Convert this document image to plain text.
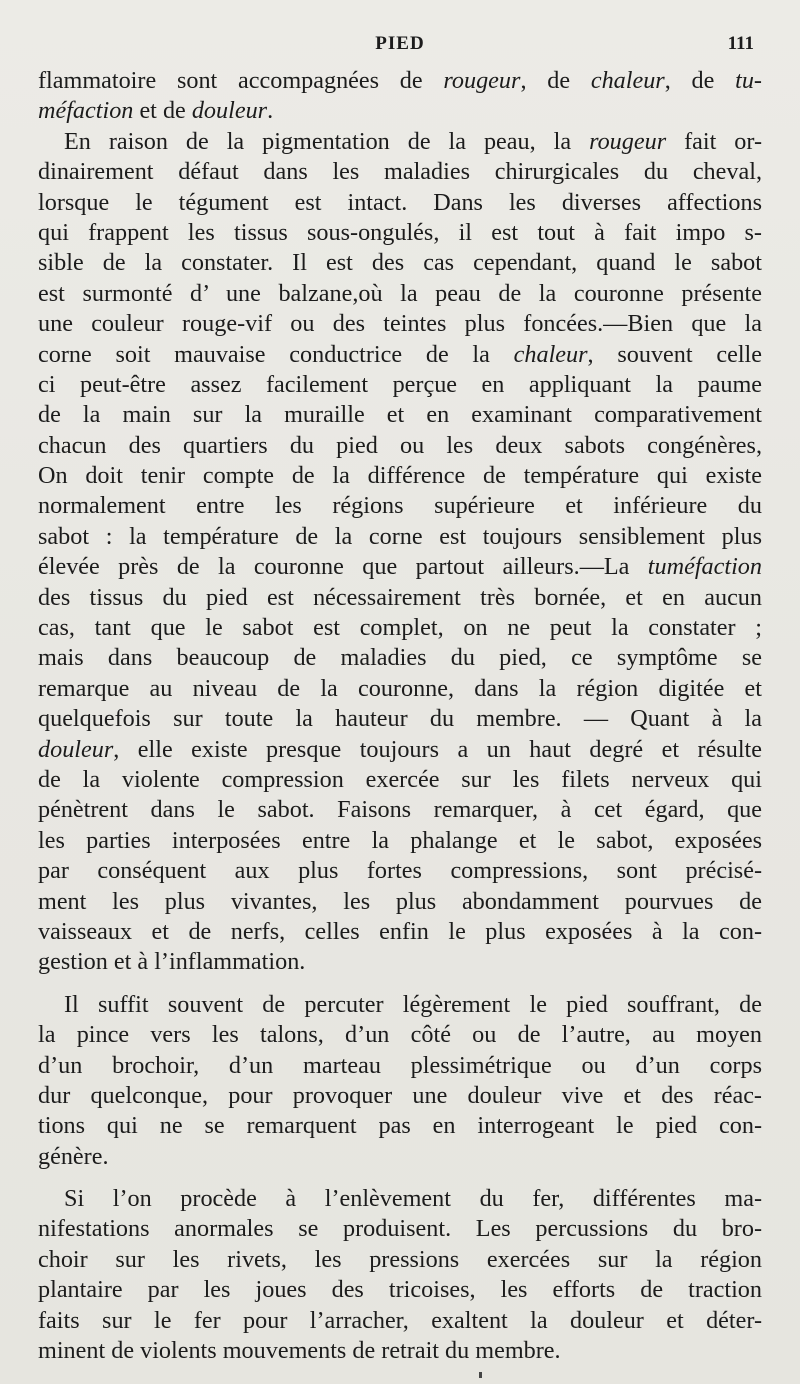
PIED	111
flammatoire sont accompagnées de rougeur, de chaleur, de tu-
méfaction et de douleur.
En raison de la pigmentation de la peau, la rougeur fait or-
dinairement défaut dans les maladies chirurgicales du cheval,
lorsque le tégument est intact. Dans les diverses affections
qui frappent les tissus sous-ongulés, il est tout à fait impo s-
sible de la constater. Il est des cas cependant, quand le sabot
est surmonté d’ une balzane,où la peau de la couronne présente
une couleur rouge-vif ou des teintes plus foncées.—Bien que la
corne soit mauvaise conductrice de la chaleur, souvent celle
ci peut-être assez facilement perçue en appliquant la paume
de la main sur la muraille et en examinant comparativement
chacun des quartiers du pied ou les deux sabots congénères,
On doit tenir compte de la différence de température qui existe
normalement entre les régions supérieure et inférieure du
sabot : la température de la corne est toujours sensiblement plus
élevée près de la couronne que partout ailleurs.—La tuméfaction
des tissus du pied est nécessairement très bornée, et en aucun
cas, tant que le sabot est complet, on ne peut la constater ;
mais dans beaucoup de maladies du pied, ce symptôme se
remarque au niveau de la couronne, dans la région digitée et
quelquefois sur toute la hauteur du membre. — Quant à la
douleur, elle existe presque toujours a un haut degré et résulte
de la violente compression exercée sur les filets nerveux qui
pénètrent dans le sabot. Faisons remarquer, à cet égard, que
les parties interposées entre la phalange et le sabot, exposées
par conséquent aux plus fortes compressions, sont précisé-
ment les plus vivantes, les plus abondamment pourvues de
vaisseaux et de nerfs, celles enfin le plus exposées à la con-
gestion et à l’inflammation.
Il suffit souvent de percuter légèrement le pied souffrant, de
la pince vers les talons, d’un côté ou de l’autre, au moyen
d’un brochoir, d’un marteau plessimétrique ou d’un corps
dur quelconque, pour provoquer une douleur vive et des réac-
tions qui ne se remarquent pas en interrogeant le pied con-
génère.
Si l’on procède à l’enlèvement du fer, différentes ma-
nifestations anormales se produisent. Les percussions du bro-
choir sur les rivets, les pressions exercées sur la région
plantaire par les joues des tricoises, les efforts de traction
faits sur le fer pour l’arracher, exaltent la douleur et déter-
minent de violents mouvements de retrait du membre.
